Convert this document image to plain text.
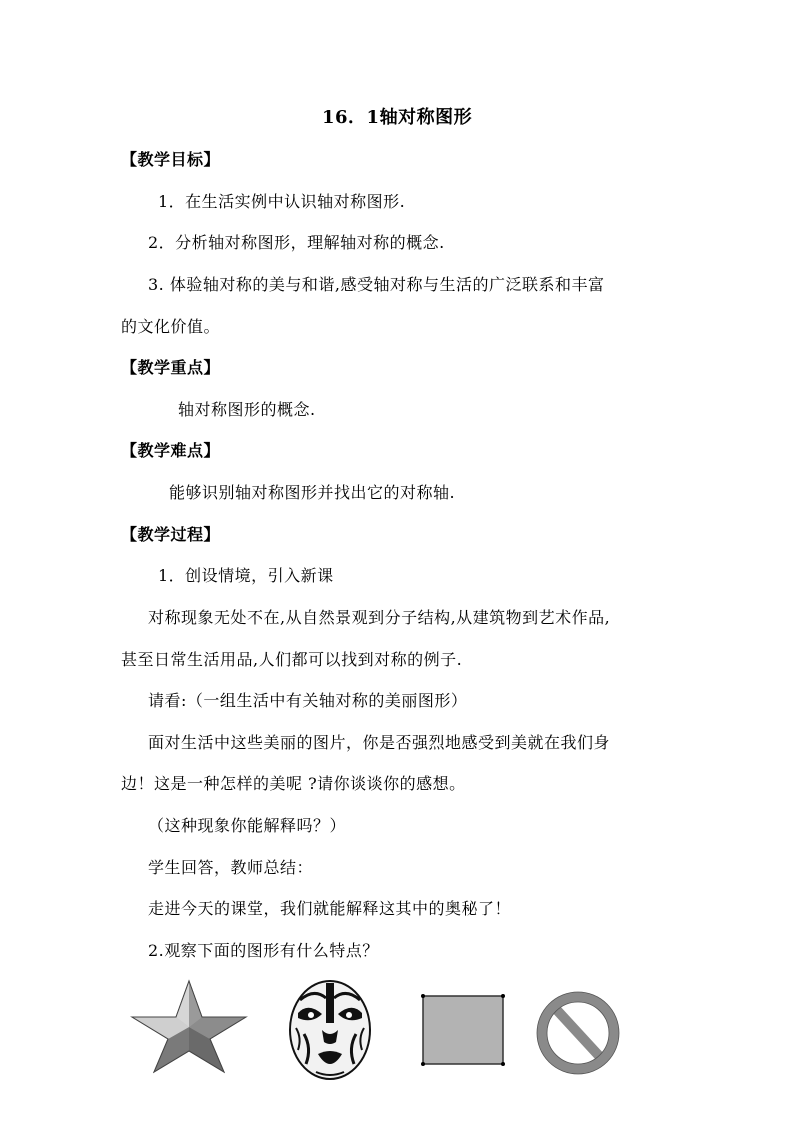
16．1轴对称图形
【教学目标】
1．在生活实例中认识轴对称图形.
2．分析轴对称图形，理解轴对称的概念.
3. 体验轴对称的美与和谐,感受轴对称与生活的广泛联系和丰富
的文化价值。
【教学重点】
轴对称图形的概念.
【教学难点】
能够识别轴对称图形并找出它的对称轴.
【教学过程】
1．创设情境，引入新课
对称现象无处不在,从自然景观到分子结构,从建筑物到艺术作品,
甚至日常生活用品,人们都可以找到对称的例子.
请看:（一组生活中有关轴对称的美丽图形）
面对生活中这些美丽的图片，你是否强烈地感受到美就在我们身
边！这是一种怎样的美呢 ?请你谈谈你的感想。
（这种现象你能解释吗？）
学生回答，教师总结：
走进今天的课堂，我们就能解释这其中的奥秘了！
2.观察下面的图形有什么特点？
